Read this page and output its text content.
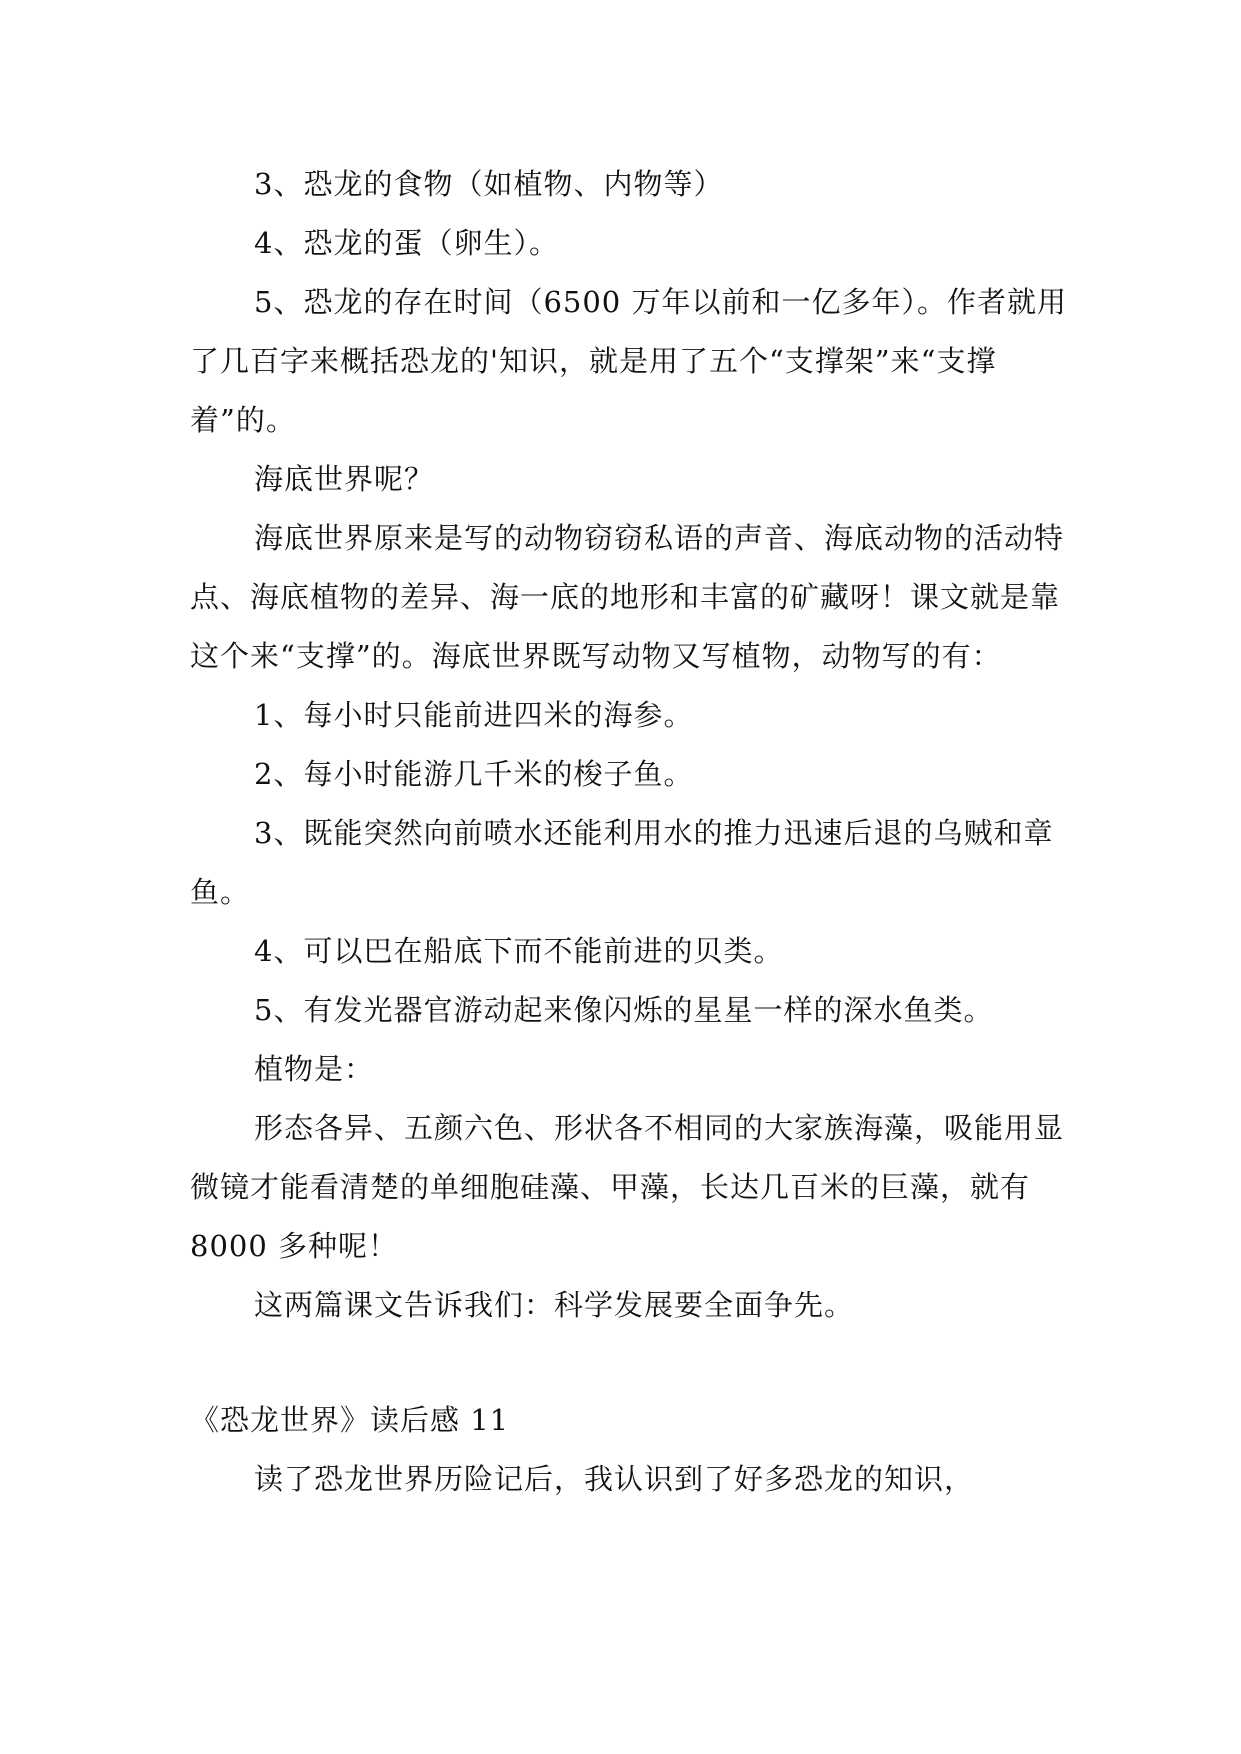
3、恐龙的食物（如植物、内物等）

4、恐龙的蛋（卵生）。

5、恐龙的存在时间（6500 万年以前和一亿多年）。作者就用了几百字来概括恐龙的'知识，就是用了五个“支撑架”来“支撑着”的。

海底世界呢？

海底世界原来是写的动物窃窃私语的声音、海底动物的活动特点、海底植物的差异、海一底的地形和丰富的矿藏呀！课文就是靠这个来“支撑”的。海底世界既写动物又写植物，动物写的有：

1、每小时只能前进四米的海参。

2、每小时能游几千米的梭子鱼。

3、既能突然向前喷水还能利用水的推力迅速后退的乌贼和章鱼。

4、可以巴在船底下而不能前进的贝类。

5、有发光器官游动起来像闪烁的星星一样的深水鱼类。

植物是：

形态各异、五颜六色、形状各不相同的大家族海藻，吸能用显微镜才能看清楚的单细胞硅藻、甲藻，长达几百米的巨藻，就有 8000 多种呢！

这两篇课文告诉我们：科学发展要全面争先。

《恐龙世界》读后感 11

读了恐龙世界历险记后，我认识到了好多恐龙的知识，
